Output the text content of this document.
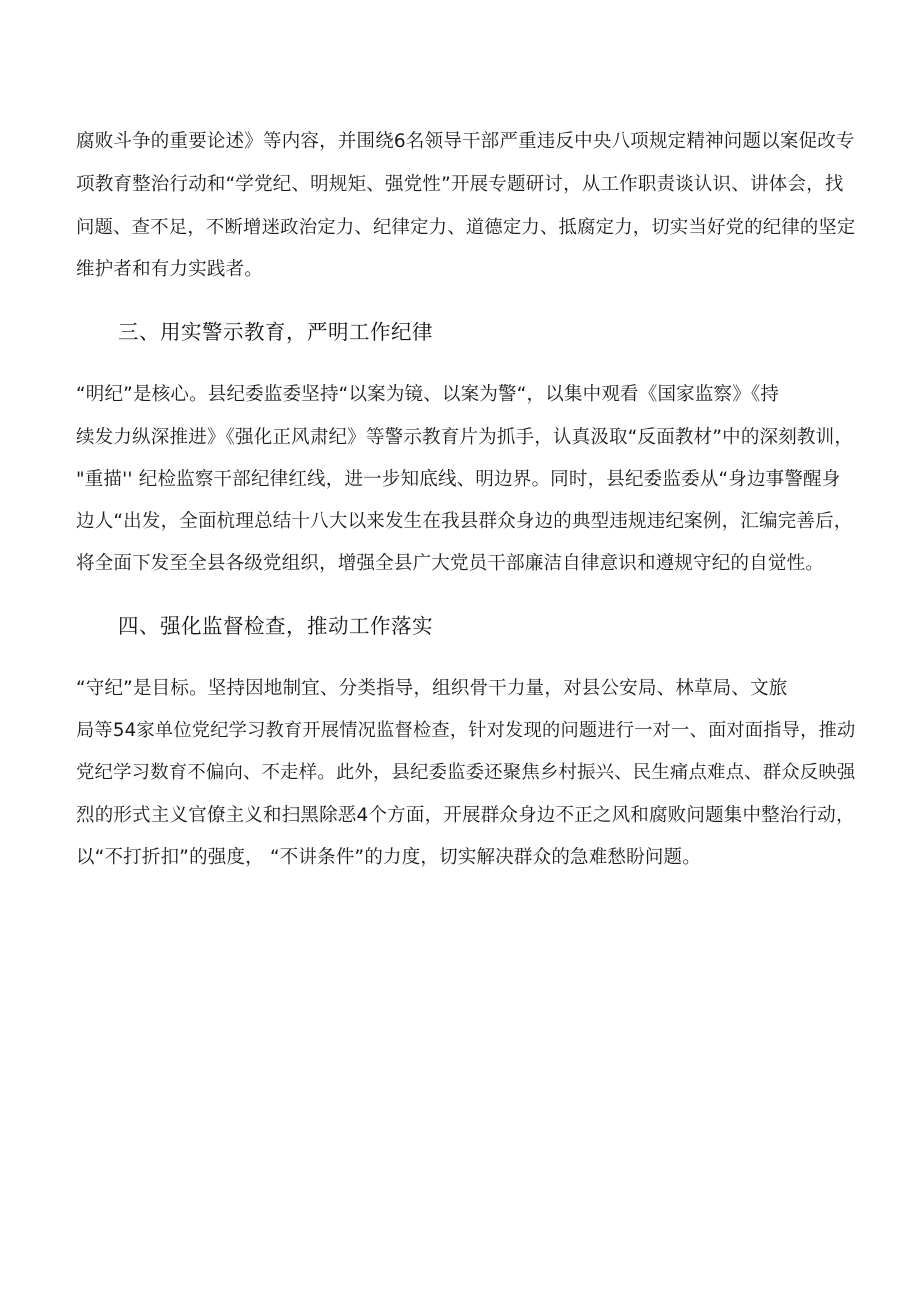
腐败斗争的重要论述》等内容，并围绕6名领导干部严重违反中央八项规定精神问题以案促改专
项教育整治行动和“学党纪、明规矩、强党性”开展专题研讨，从工作职责谈认识、讲体会，找
问题、查不足，不断增迷政治定力、纪律定力、道德定力、抵腐定力，切实当好党的纪律的坚定
维护者和有力实践者。
三、用实警示教育，严明工作纪律
“明纪”是核心。县纪委监委坚持“以案为镜、以案为警“，以集中观看《国家监察》《持
续发力纵深推进》《强化正风肃纪》等警示教育片为抓手，认真汲取“反面教材”中的深刻教训，
"重描'' 纪检监察干部纪律红线，进一步知底线、明边界。同时，县纪委监委从“身边事警醒身
边人“出发，全面杭理总结十八大以来发生在我县群众身边的典型违规违纪案例，汇编完善后，
将全面下发至全县各级党组织，增强全县广大党员干部廉洁自律意识和遵规守纪的自觉性。
四、强化监督检查，推动工作落实
“守纪”是目标。坚持因地制宜、分类指导，组织骨干力量，对县公安局、林草局、文旅
局等54家单位党纪学习教育开展情况监督检查，针对发现的问题进行一对一、面对面指导，推动
党纪学习数育不偏向、不走样。此外，县纪委监委还聚焦乡村振兴、民生痛点难点、群众反映强
烈的形式主义官僚主义和扫黑除恶4个方面，开展群众身边不正之风和腐败问题集中整治行动，
以“不打折扣”的强度， “不讲条件”的力度，切实解决群众的急难愁盼问题。
